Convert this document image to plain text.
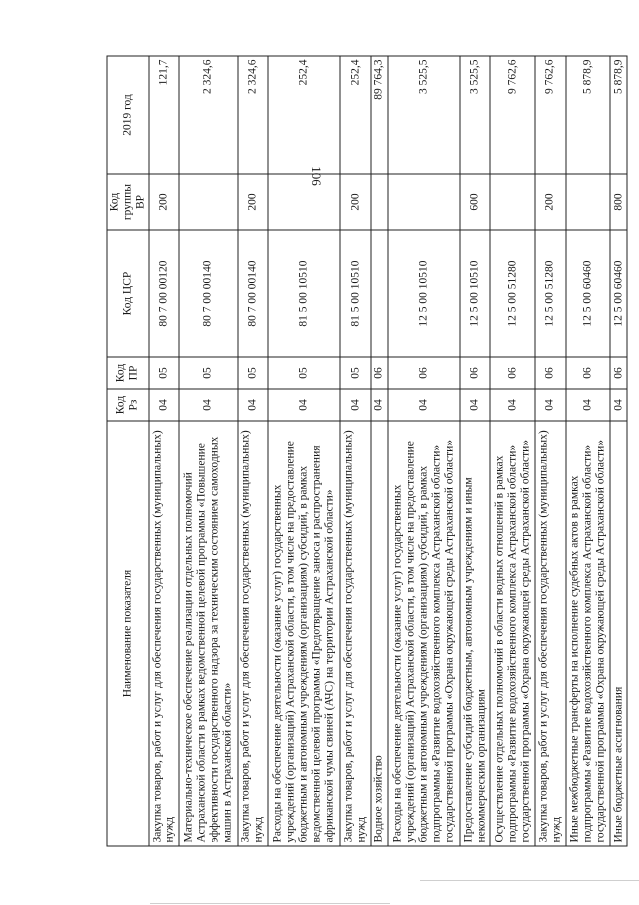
106
Наименование показателя	Код Рз	Код ПР	Код ЦСР	Код группы ВР	2019 год
Закупка товаров, работ и услуг для обеспечения государственных (муниципальных) нужд	04	05	80 7 00 00120	200	121,7
Материально-техническое обеспечение реализации отдельных полномочий Астраханской области в рамках ведомственной целевой программы «Повышение эффективности государственного надзора за техническим состоянием самоходных машин в Астраханской области»	04	05	80 7 00 00140		2 324,6
Закупка товаров, работ и услуг для обеспечения государственных (муниципальных) нужд	04	05	80 7 00 00140	200	2 324,6
Расходы на обеспечение деятельности (оказание услуг) государственных учреждений (организаций) Астраханской области, в том числе на предоставление бюджетным и автономным учреждениям (организациям) субсидий, в рамках ведомственной целевой программы «Предотвращение заноса и распространения африканской чумы свиней (АЧС) на территории Астраханской области»	04	05	81 5 00 10510		252,4
Закупка товаров, работ и услуг для обеспечения государственных (муниципальных) нужд	04	05	81 5 00 10510	200	252,4
Водное хозяйство	04	06			89 764,3
Расходы на обеспечение деятельности (оказание услуг) государственных учреждений (организаций) Астраханской области, в том числе на предоставление бюджетным и автономным учреждениям (организациям) субсидий, в рамках подпрограммы «Развитие водохозяйственного комплекса Астраханской области» государственной программы «Охрана окружающей среды Астраханской области»	04	06	12 5 00 10510		3 525,5
Предоставление субсидий бюджетным, автономным учреждениям и иным некоммерческим организациям	04	06	12 5 00 10510	600	3 525,5
Осуществление отдельных полномочий в области водных отношений в рамках подпрограммы «Развитие водохозяйственного комплекса Астраханской области» государственной программы «Охрана окружающей среды Астраханской области»	04	06	12 5 00 51280		9 762,6
Закупка товаров, работ и услуг для обеспечения государственных (муниципальных) нужд	04	06	12 5 00 51280	200	9 762,6
Иные межбюджетные трансферты на исполнение судебных актов в рамках подпрограммы «Развитие водохозяйственного комплекса Астраханской области» государственной программы «Охрана окружающей среды Астраханской области»	04	06	12 5 00 60460		5 878,9
Иные бюджетные ассигнования	04	06	12 5 00 60460	800	5 878,9
